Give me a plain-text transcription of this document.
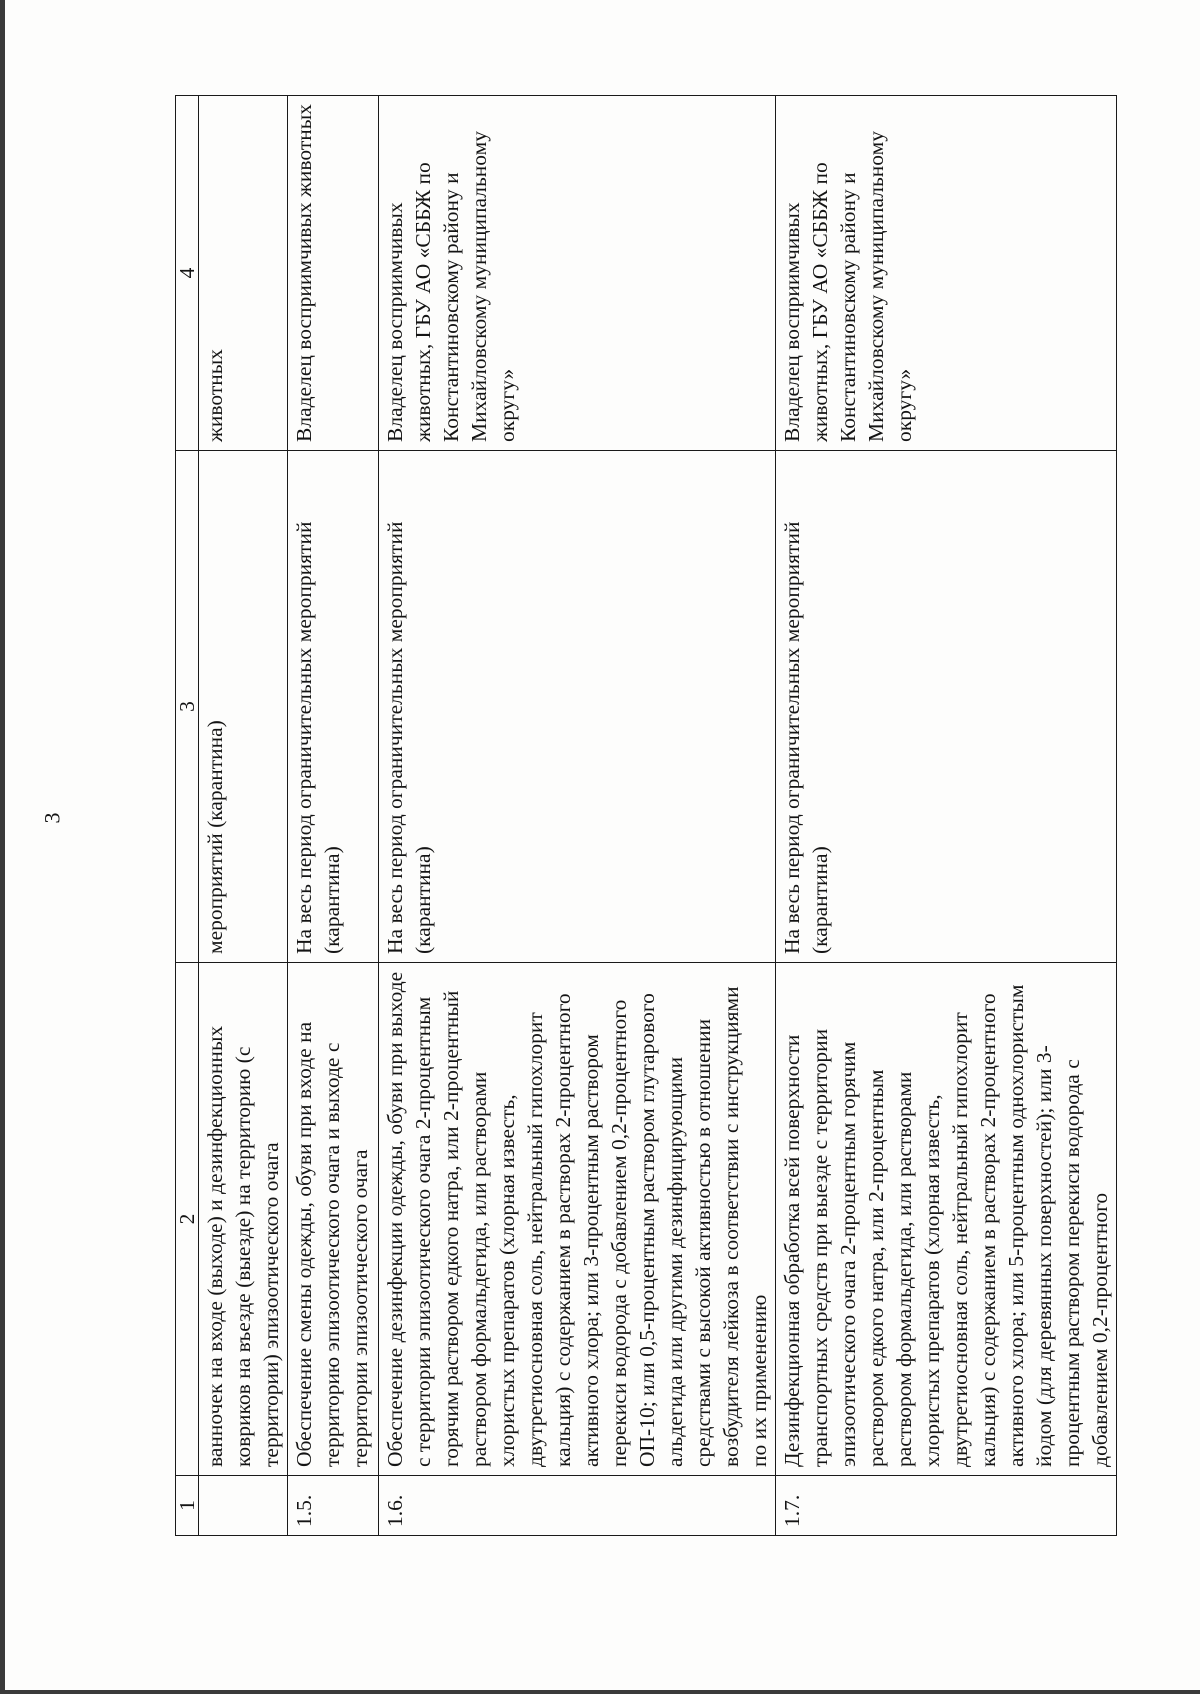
3
1	2	3	4

	ванночек на входе (выходе) и дезинфекционных ковриков на въезде (выезде) на территорию (с территории) эпизоотического очага	мероприятий (карантина)	животных

1.5.	Обеспечение смены одежды, обуви при входе на территорию эпизоотического очага и выходе с территории эпизоотического очага	На весь период ограничительных мероприятий (карантина)	Владелец восприимчивых животных

1.6.	Обеспечение дезинфекции одежды, обуви при выходе с территории эпизоотического очага 2-процентным горячим раствором едкого натра, или 2-процентный раствором формальдегида, или растворами хлористых препаратов (хлорная известь, двутретиосновная соль, нейтральный гипохлорит кальция) с содержанием в растворах 2-процентного активного хлора; или 3-процентным раствором перекиси водорода с добавлением 0,2-процентного ОП-10; или 0,5-процентным раствором глутарового альдегида или другими дезинфицирующими средствами с высокой активностью в отношении возбудителя лейкоза в соответствии с инструкциями по их применению	На весь период ограничительных мероприятий (карантина)	Владелец восприимчивых животных, ГБУ АО «СББЖ по Константиновскому району и Михайловскому муниципальному округу»

1.7.	Дезинфекционная обработка всей поверхности транспортных средств при выезде с территории эпизоотического очага 2-процентным горячим раствором едкого натра, или 2-процентным раствором формальдегида, или растворами хлористых препаратов (хлорная известь, двутретиосновная соль, нейтральный гипохлорит кальция) с содержанием в растворах 2-процентного активного хлора; или 5-процентным однохлористым йодом (для деревянных поверхностей); или 3-процентным раствором перекиси водорода с добавлением 0,2-процентного	На весь период ограничительных мероприятий (карантина)	Владелец восприимчивых животных, ГБУ АО «СББЖ по Константиновскому району и Михайловскому муниципальному округу»
